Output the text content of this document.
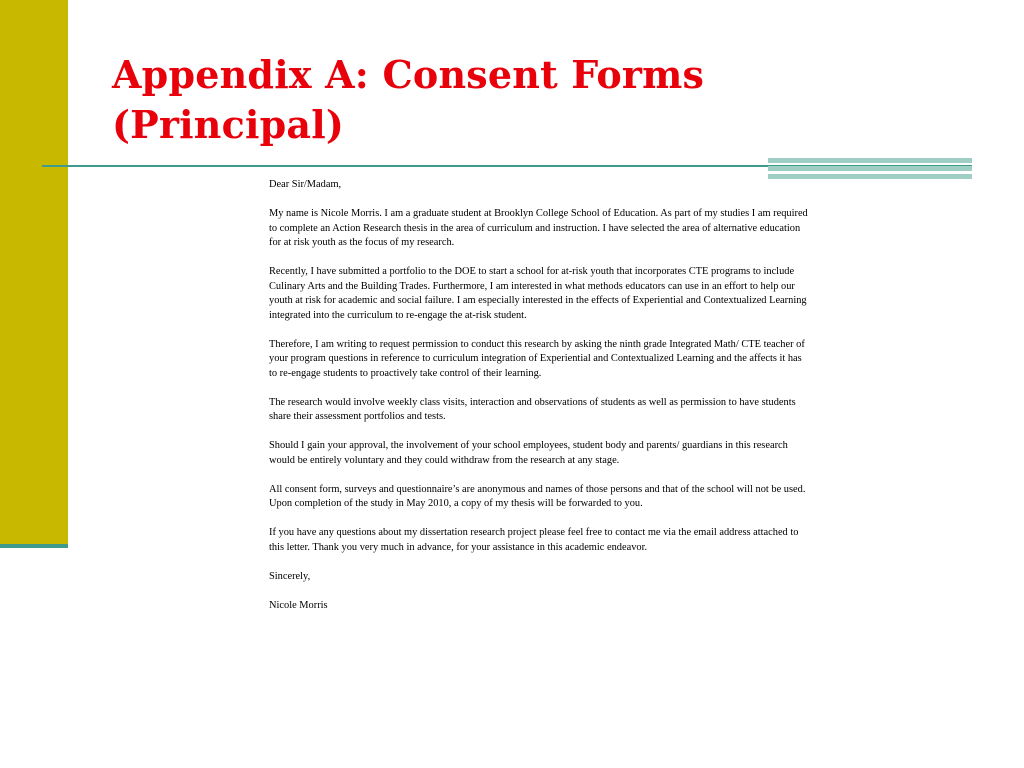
Appendix A: Consent Forms
(Principal)

Dear Sir/Madam,

My name is Nicole Morris. I am a graduate student at Brooklyn College School of Education. As part of my studies I am required to complete an Action Research thesis in the area of curriculum and instruction. I have selected the area of alternative education for at risk youth as the focus of my research.

Recently, I have submitted a portfolio to the DOE to start a school for at-risk youth that incorporates CTE programs to include Culinary Arts and the Building Trades. Furthermore, I am interested in what methods educators can use in an effort to help our youth at risk for academic and social failure. I am especially interested in the effects of Experiential and Contextualized Learning integrated into the curriculum to re-engage the at-risk student.

Therefore, I am writing to request permission to conduct this research by asking the ninth grade Integrated Math/ CTE teacher of your program questions in reference to curriculum integration of Experiential and Contextualized Learning and the affects it has to re-engage students to proactively take control of their learning.

The research would involve weekly class visits, interaction and observations of students as well as permission to have students share their assessment portfolios and tests.

Should I gain your approval, the involvement of your school employees, student body and parents/ guardians in this research would be entirely voluntary and they could withdraw from the research at any stage.

All consent form, surveys and questionnaire’s are anonymous and names of those persons and that of the school will not be used. Upon completion of the study in May 2010, a copy of my thesis will be forwarded to you.

If you have any questions about my dissertation research project please feel free to contact me via the email address attached to this letter. Thank you very much in advance, for your assistance in this academic endeavor.

Sincerely,

Nicole Morris
